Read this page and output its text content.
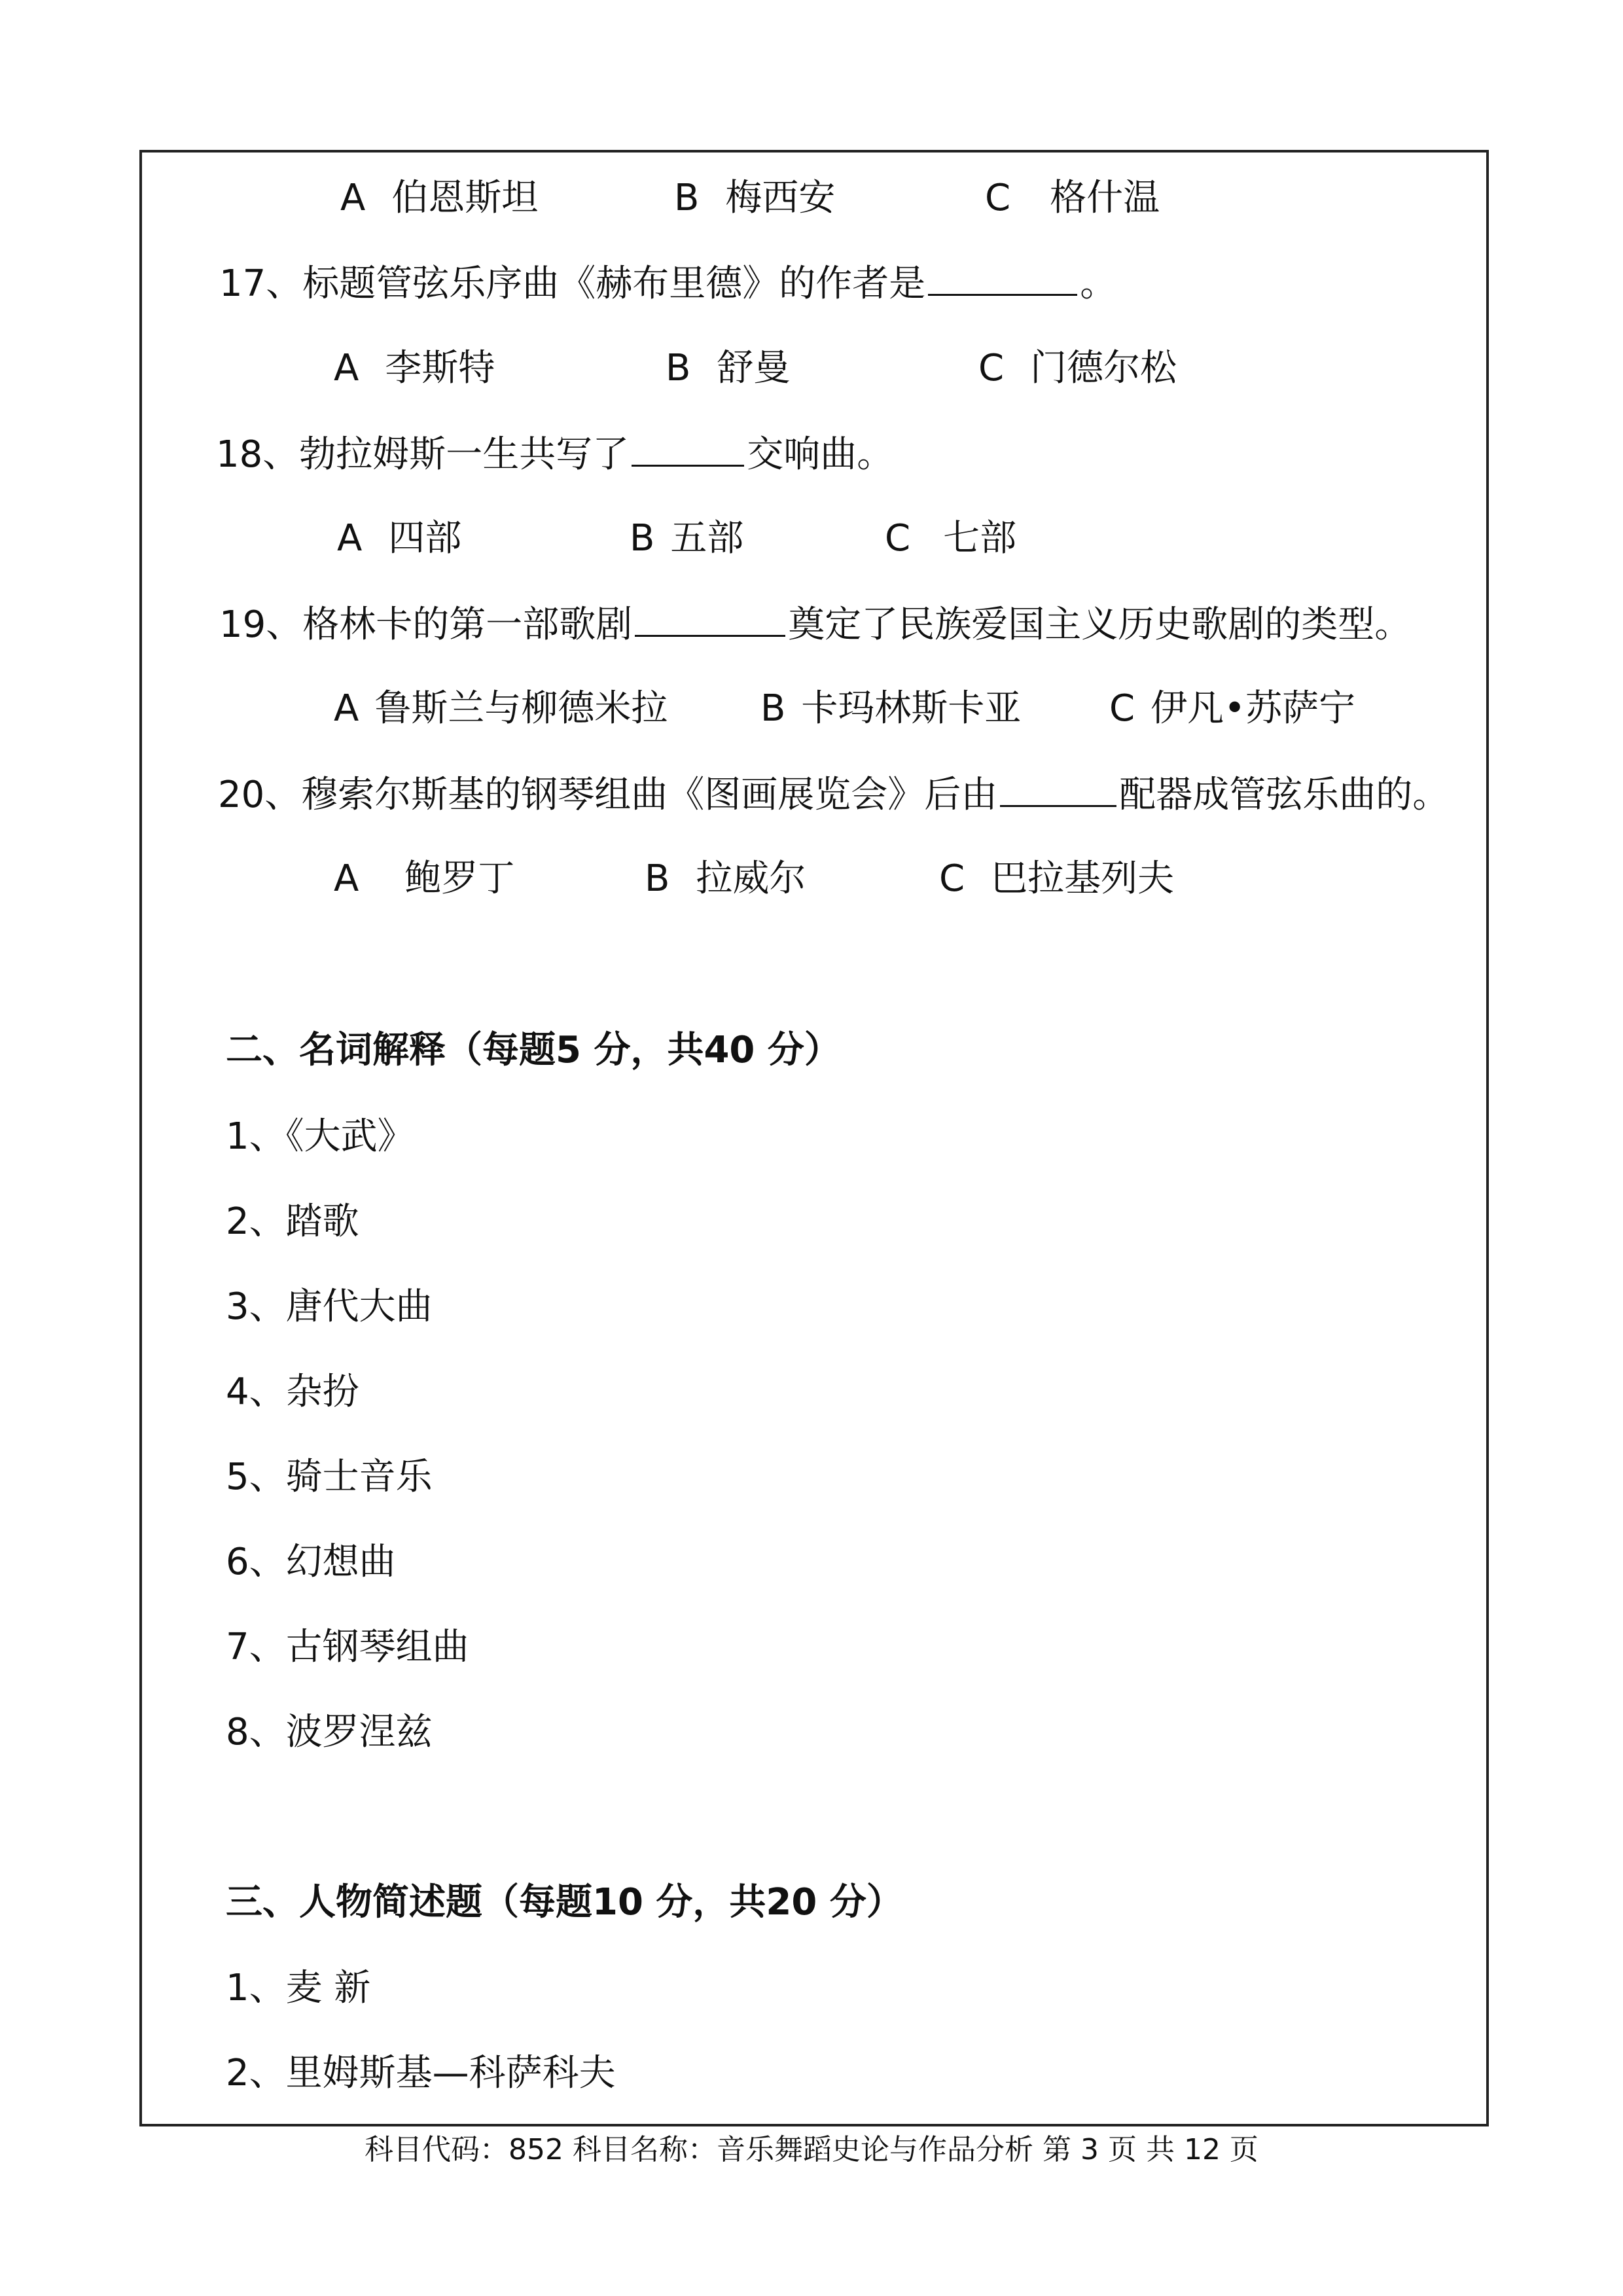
A 伯恩斯坦	B 梅西安	C 格什温
17、标题管弦乐序曲《赫布里德》的作者是	。
A 李斯特	B 舒曼	C 门德尔松
18、勃拉姆斯一生共写了	交响曲。
A 四部	B 五部	C 七部
19、格林卡的第一部歌剧	奠定了民族爱国主义历史歌剧的类型。
A 鲁斯兰与柳德米拉	B 卡玛林斯卡亚 C 伊凡•苏萨宁
20、穆索尔斯基的钢琴组曲《图画展览会》后由	配器成管弦乐曲的。
A 鲍罗丁	B 拉威尔	C 巴拉基列夫
二、名词解释（每题5 分，共40 分）
1、《大武》
2、踏歌
3、唐代大曲
4、杂扮
5、骑士音乐
6、幻想曲
7、古钢琴组曲
8、波罗涅兹
三、人物简述题（每题10 分，共20 分）
1、麦 新
2、里姆斯基—科萨科夫
科目代码：852 科目名称：音乐舞蹈史论与作品分析 第 3 页 共 12 页
